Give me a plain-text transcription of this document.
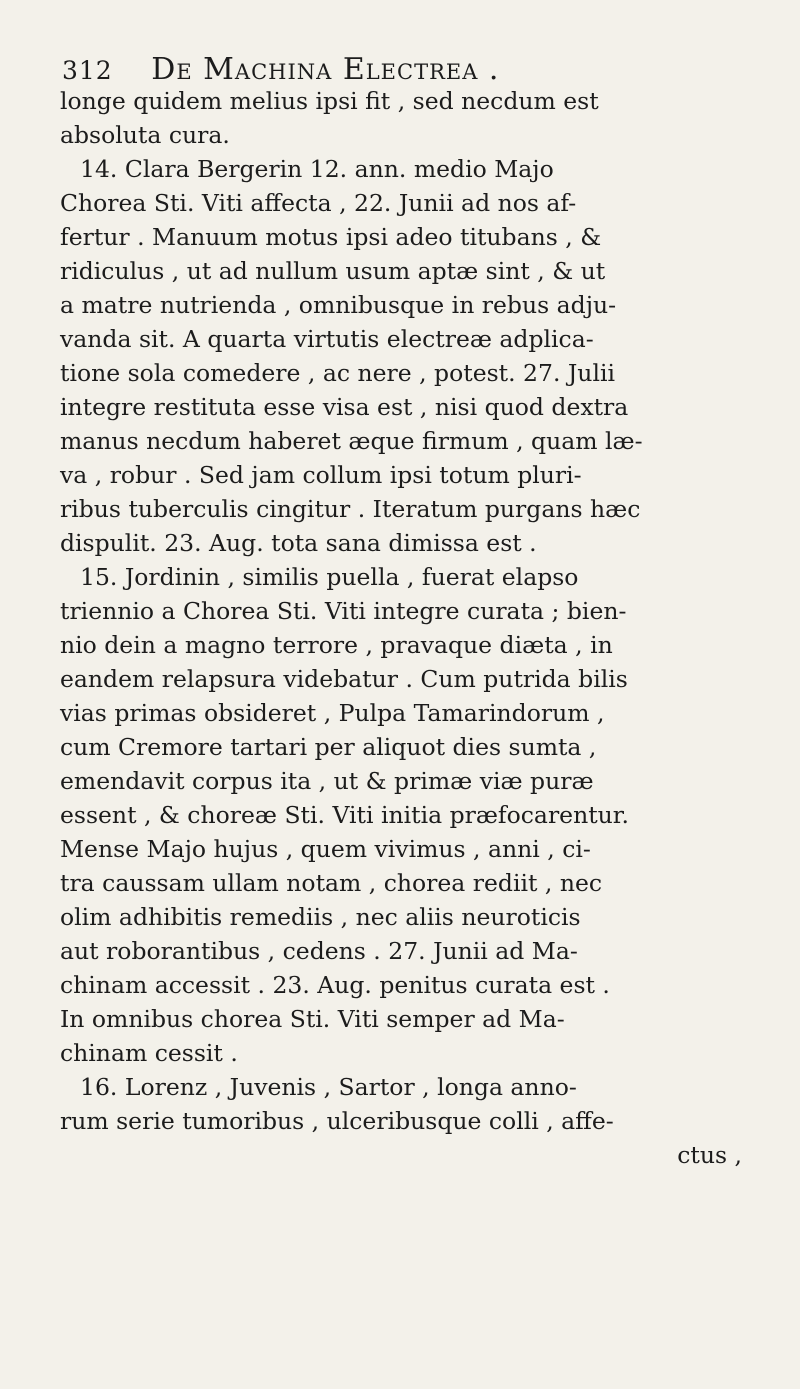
312 De Machina Electrea .
longe quidem melius ipsi fit , sed necdum est
absoluta cura.
14. Clara Bergerin 12. ann. medio Majo
Chorea Sti. Viti affecta , 22. Junii ad nos af-
fertur . Manuum motus ipsi adeo titubans , &
ridiculus , ut ad nullum usum aptæ sint , & ut
a matre nutrienda , omnibusque in rebus adju-
vanda sit. A quarta virtutis electreæ adplica-
tione sola comedere , ac nere , potest. 27. Julii
integre restituta esse visa est , nisi quod dextra
manus necdum haberet æque firmum , quam læ-
va , robur . Sed jam collum ipsi totum pluri-
ribus tuberculis cingitur . Iteratum purgans hæc
dispulit. 23. Aug. tota sana dimissa est .
15. Jordinin , similis puella , fuerat elapso
triennio a Chorea Sti. Viti integre curata ; bien-
nio dein a magno terrore , pravaque diæta , in
eandem relapsura videbatur . Cum putrida bilis
vias primas obsideret , Pulpa Tamarindorum ,
cum Cremore tartari per aliquot dies sumta ,
emendavit corpus ita , ut & primæ viæ puræ
essent , & choreæ Sti. Viti initia præfocarentur.
Mense Majo hujus , quem vivimus , anni , ci-
tra caussam ullam notam , chorea rediit , nec
olim adhibitis remediis , nec aliis neuroticis
aut roborantibus , cedens . 27. Junii ad Ma-
chinam accessit . 23. Aug. penitus curata est .
In omnibus chorea Sti. Viti semper ad Ma-
chinam cessit .
16. Lorenz , Juvenis , Sartor , longa anno-
rum serie tumoribus , ulceribusque colli , affe-
ctus ,
